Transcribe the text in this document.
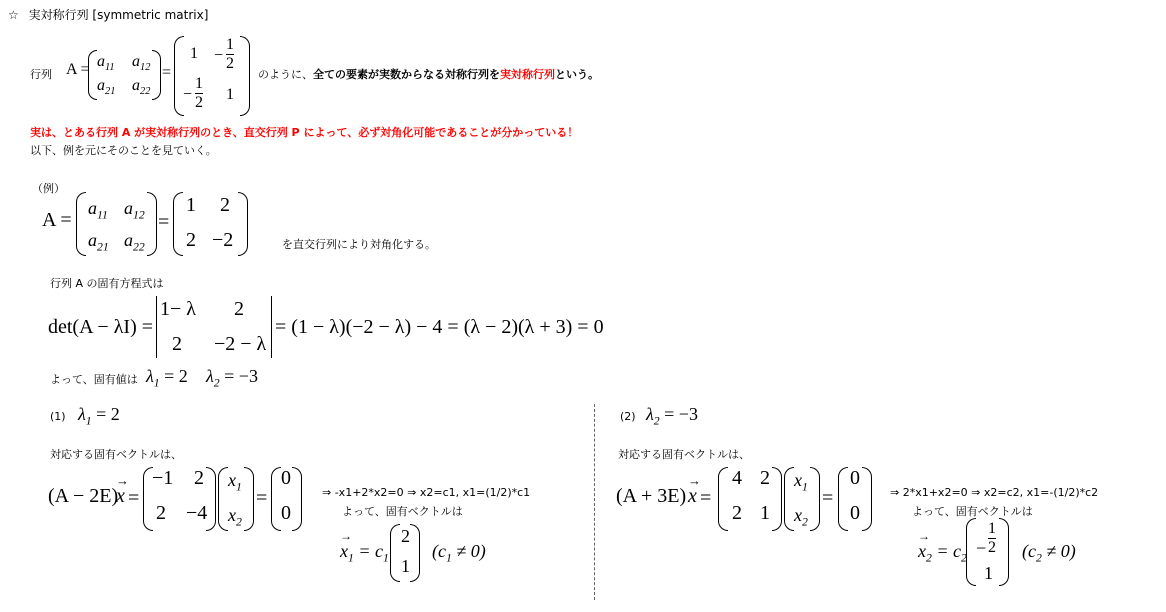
☆ 実対称行列 [symmetric matrix]
行列 $A = a_{11}$ $a_{12}$
$a_{21}$ $a_{22}$
=
1 −
1
2
−
1
2 1
のように、全ての要素が実数からなる対称行列を実対称行列という。
実は、とある行列 A が実対称行列のとき、直交行列 P によって、必ず対角化可能であることが分かっている！
以下、例を元にそのことを見ていく。
（例）
A =
$a_{11}$ $a_{12}$
$a_{21}$ $a_{22}$
=
1 2
2 −2	を直交行列により対角化する。
行列 A の固有方程式は
det(A − λI) =
1− λ 2
2 −2 − λ
= (1 − λ)(−2 − λ) − 4 = (λ − 2)(λ + 3) = 0
よって、固有値は $\lambda_1 = 2$ $\lambda_2 = -3$
(1) $\lambda_1 = 2$
対応する固有ベクトルは、
(A − 2E)
→
x =
−1 2
2 −4
$x_1$
$x_2$
=
0
0
⇒ -x1+2*x2=0 ⇒ x2=c1, x1=(1/2)*c1
よって、固有ベクトルは
→
$x_1 = c_1$
2
1
$(c_1 \ne 0)$
(2) $\lambda_2 = -3$
対応する固有ベクトルは、
(A + 3E)
→
x =
4 2
2 1
$x_1$
$x_2$
=
0
0
⇒ 2*x1+x2=0 ⇒ x2=c2, x1=-(1/2)*c2
よって、固有ベクトルは
→
$x_2 = c_2$
−
1
2
1
$(c_2 \ne 0)$
